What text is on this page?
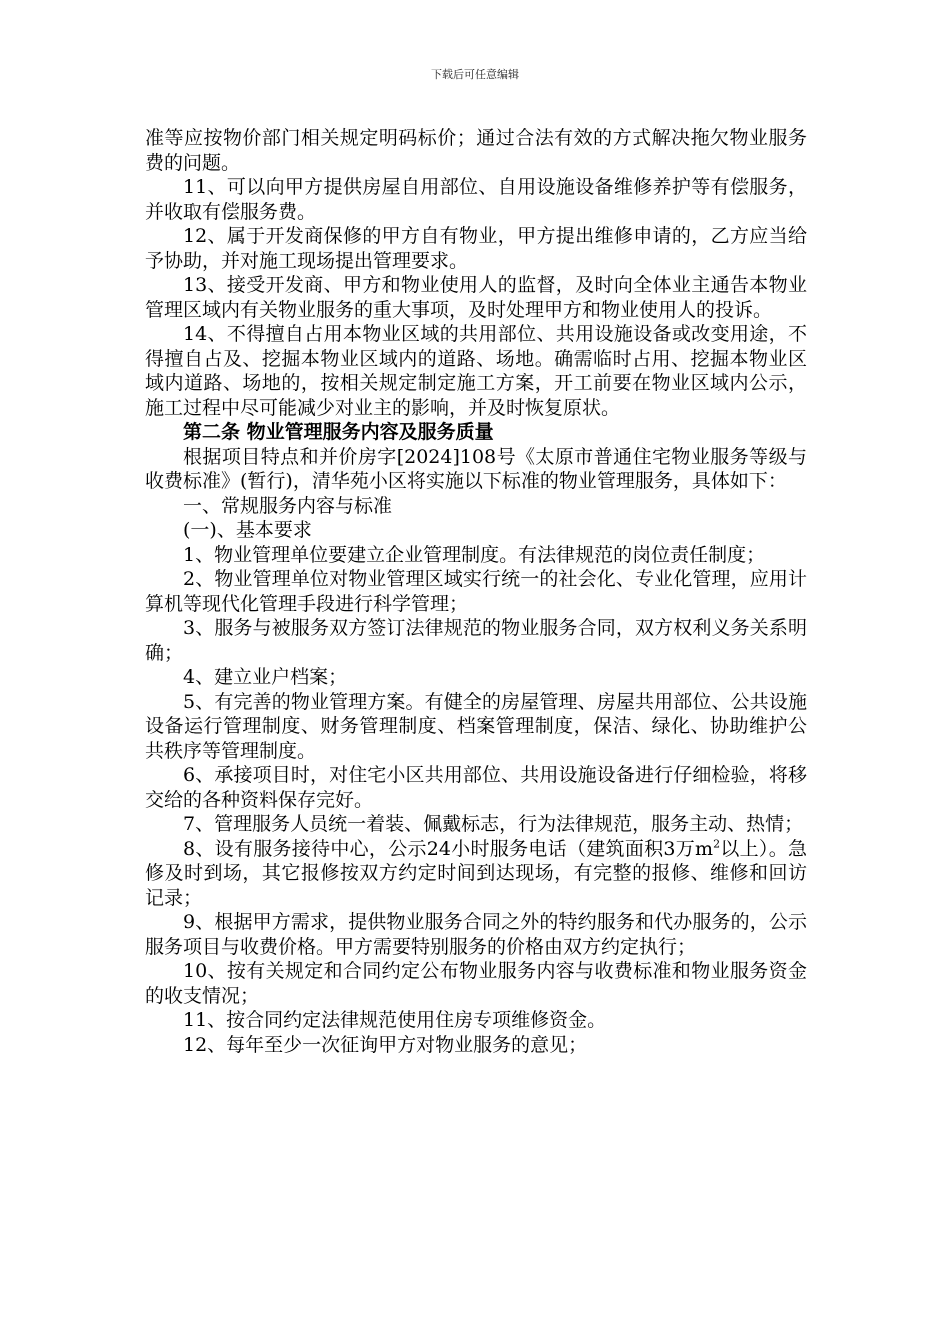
下载后可任意编辑

准等应按物价部门相关规定明码标价；通过合法有效的方式解决拖欠物业服务费的问题。

11、可以向甲方提供房屋自用部位、自用设施设备维修养护等有偿服务，并收取有偿服务费。

12、属于开发商保修的甲方自有物业，甲方提出维修申请的，乙方应当给予协助，并对施工现场提出管理要求。

13、接受开发商、甲方和物业使用人的监督，及时向全体业主通告本物业管理区域内有关物业服务的重大事项，及时处理甲方和物业使用人的投诉。

14、不得擅自占用本物业区域的共用部位、共用设施设备或改变用途，不得擅自占及、挖掘本物业区域内的道路、场地。确需临时占用、挖掘本物业区域内道路、场地的，按相关规定制定施工方案，开工前要在物业区域内公示，施工过程中尽可能减少对业主的影响，并及时恢复原状。

第二条 物业管理服务内容及服务质量

根据项目特点和并价房字[2024]108号《太原市普通住宅物业服务等级与收费标准》(暂行)，清华苑小区将实施以下标准的物业管理服务，具体如下：

一、常规服务内容与标准

(一)、基本要求

1、物业管理单位要建立企业管理制度。有法律规范的岗位责任制度；

2、物业管理单位对物业管理区域实行统一的社会化、专业化管理，应用计算机等现代化管理手段进行科学管理；

3、服务与被服务双方签订法律规范的物业服务合同，双方权利义务关系明确；

4、建立业户档案；

5、有完善的物业管理方案。有健全的房屋管理、房屋共用部位、公共设施设备运行管理制度、财务管理制度、档案管理制度，保洁、绿化、协助维护公共秩序等管理制度。

6、承接项目时，对住宅小区共用部位、共用设施设备进行仔细检验，将移交给的各种资料保存完好。

7、管理服务人员统一着装、佩戴标志，行为法律规范，服务主动、热情；

8、设有服务接待中心，公示24小时服务电话（建筑面积3万$m^2$以上）。急修及时到场，其它报修按双方约定时间到达现场，有完整的报修、维修和回访记录；

9、根据甲方需求，提供物业服务合同之外的特约服务和代办服务的，公示服务项目与收费价格。甲方需要特别服务的价格由双方约定执行；

10、按有关规定和合同约定公布物业服务内容与收费标准和物业服务资金的收支情况；

11、按合同约定法律规范使用住房专项维修资金。

12、每年至少一次征询甲方对物业服务的意见；
